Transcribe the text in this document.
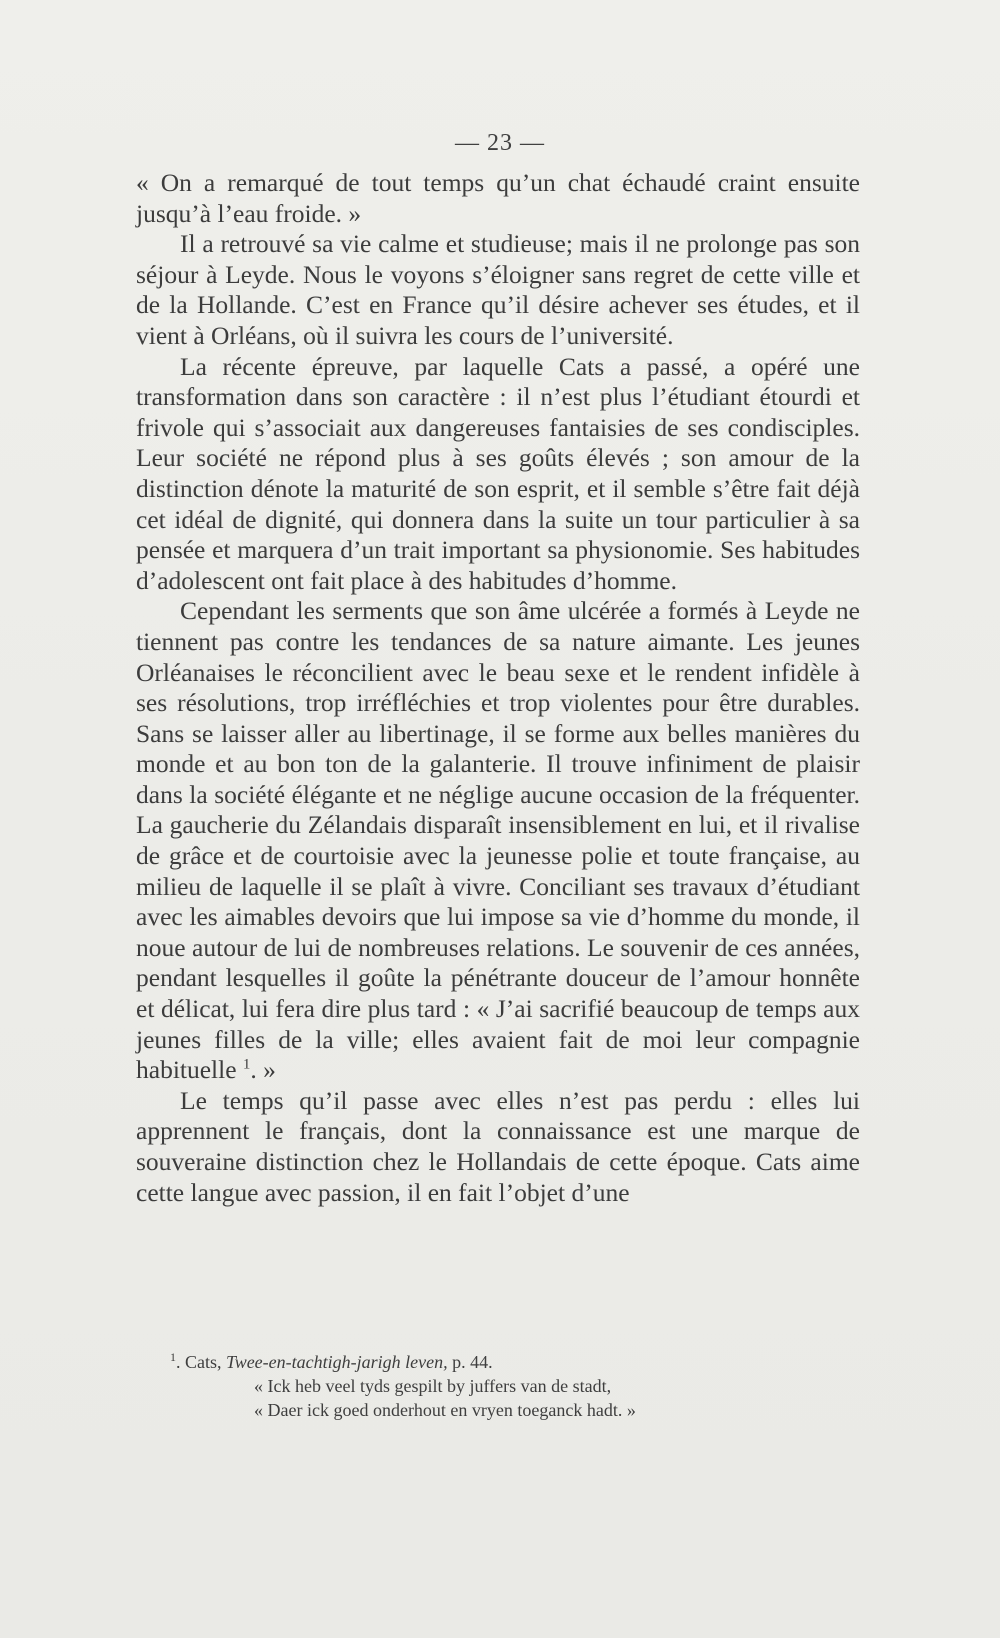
— 23 —

« On a remarqué de tout temps qu’un chat échaudé craint ensuite jusqu’à l’eau froide. »

Il a retrouvé sa vie calme et studieuse; mais il ne prolonge pas son séjour à Leyde. Nous le voyons s’éloigner sans regret de cette ville et de la Hollande. C’est en France qu’il désire achever ses études, et il vient à Orléans, où il suivra les cours de l’université.

La récente épreuve, par laquelle Cats a passé, a opéré une transformation dans son caractère : il n’est plus l’étudiant étourdi et frivole qui s’associait aux dangereuses fantaisies de ses condisciples. Leur société ne répond plus à ses goûts élevés ; son amour de la distinction dénote la maturité de son esprit, et il semble s’être fait déjà cet idéal de dignité, qui donnera dans la suite un tour particulier à sa pensée et marquera d’un trait important sa physionomie. Ses habitudes d’adolescent ont fait place à des habitudes d’homme.

Cependant les serments que son âme ulcérée a formés à Leyde ne tiennent pas contre les tendances de sa nature aimante. Les jeunes Orléanaises le réconcilient avec le beau sexe et le rendent infidèle à ses résolutions, trop irréfléchies et trop violentes pour être durables. Sans se laisser aller au libertinage, il se forme aux belles manières du monde et au bon ton de la galanterie. Il trouve infiniment de plaisir dans la société élégante et ne néglige aucune occasion de la fréquenter. La gaucherie du Zélandais disparaît insensiblement en lui, et il rivalise de grâce et de courtoisie avec la jeunesse polie et toute française, au milieu de laquelle il se plaît à vivre. Conciliant ses travaux d’étudiant avec les aimables devoirs que lui impose sa vie d’homme du monde, il noue autour de lui de nombreuses relations. Le souvenir de ces années, pendant lesquelles il goûte la pénétrante douceur de l’amour honnête et délicat, lui fera dire plus tard : « J’ai sacrifié beaucoup de temps aux jeunes filles de la ville; elles avaient fait de moi leur compagnie habituelle $^1$. »

Le temps qu’il passe avec elles n’est pas perdu : elles lui apprennent le français, dont la connaissance est une marque de souveraine distinction chez le Hollandais de cette époque. Cats aime cette langue avec passion, il en fait l’objet d’une

$^1$. Cats, Twee-en-tachtigh-jarigh leven, p. 44.

« Ick heb veel tyds gespilt by juffers van de stadt,

« Daer ick goed onderhout en vryen toeganck hadt. »
